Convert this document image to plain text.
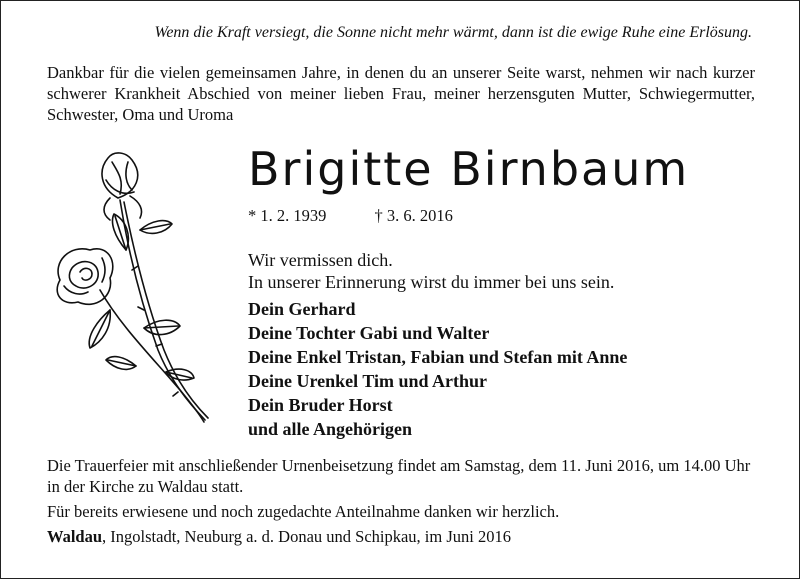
Wenn die Kraft versiegt, die Sonne nicht mehr wärmt, dann ist die ewige Ruhe eine Erlösung.
Dankbar für die vielen gemeinsamen Jahre, in denen du an unserer Seite warst, nehmen wir nach kurzer schwerer Krankheit Abschied von meiner lieben Frau, meiner herzensguten Mutter, Schwiegermutter, Schwester, Oma und Uroma
Brigitte Birnbaum
* 1. 2. 1939	† 3. 6. 2016
Wir vermissen dich.
In unserer Erinnerung wirst du immer bei uns sein.
Dein Gerhard
Deine Tochter Gabi und Walter
Deine Enkel Tristan, Fabian und Stefan mit Anne
Deine Urenkel Tim und Arthur
Dein Bruder Horst
und alle Angehörigen
Die Trauerfeier mit anschließender Urnenbeisetzung findet am Samstag, dem 11. Juni 2016, um 14.00 Uhr in der Kirche zu Waldau statt.
Für bereits erwiesene und noch zugedachte Anteilnahme danken wir herzlich.
Waldau, Ingolstadt, Neuburg a. d. Donau und Schipkau, im Juni 2016
